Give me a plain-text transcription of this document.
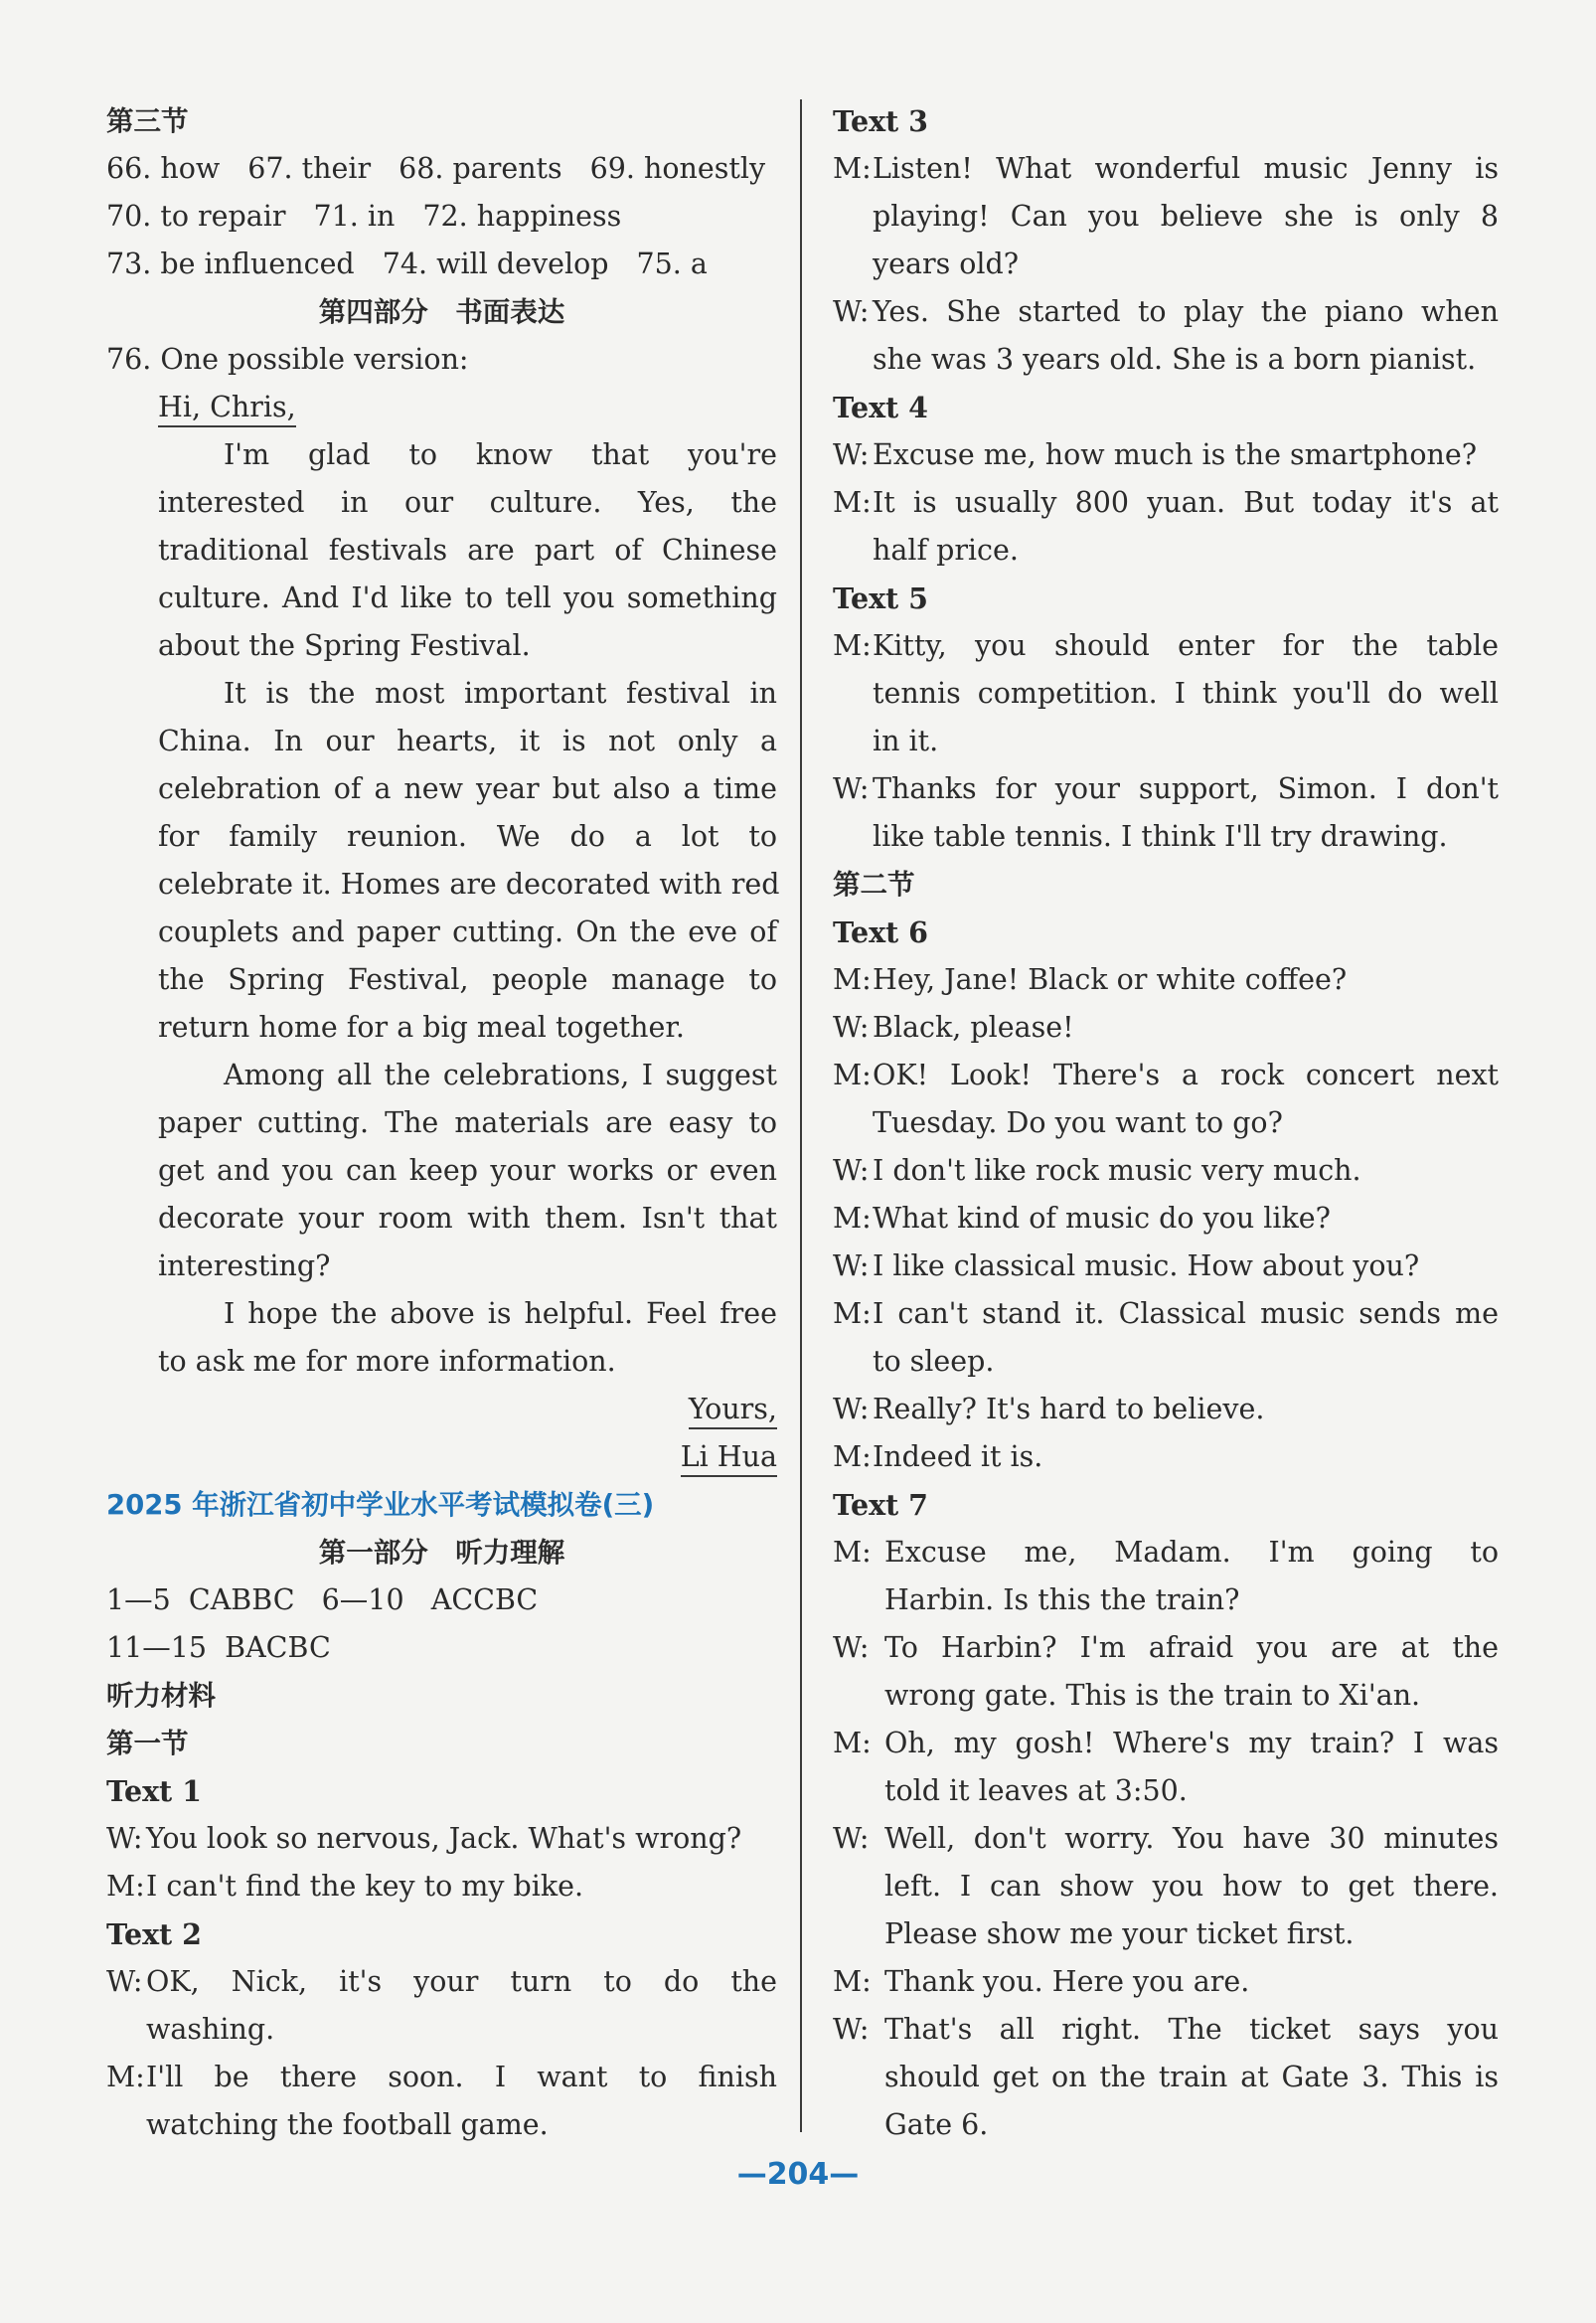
第三节
66. how 67. their 68. parents 69. honestly
70. to repair 71. in 72. happiness
73. be influenced 74. will develop 75. a
第四部分　书面表达
76. One possible version:
Hi, Chris,
I'm glad to know that you're
interested in our culture. Yes, the
traditional festivals are part of Chinese
culture. And I'd like to tell you something
about the Spring Festival.
It is the most important festival in
China. In our hearts, it is not only a
celebration of a new year but also a time
for family reunion. We do a lot to
celebrate it. Homes are decorated with red
couplets and paper cutting. On the eve of
the Spring Festival, people manage to
return home for a big meal together.
Among all the celebrations, I suggest
paper cutting. The materials are easy to
get and you can keep your works or even
decorate your room with them. Isn't that
interesting?
I hope the above is helpful. Feel free
to ask me for more information.
Yours,
Li Hua
2025 年浙江省初中学业水平考试模拟卷(三)
第一部分　听力理解
1—5  CABBC   6—10   ACCBC
11—15  BACBC
听力材料
第一节
Text 1
W: You look so nervous, Jack. What's wrong?
M: I can't find the key to my bike.
Text 2
W: OK, Nick, it's your turn to do the
washing.
M: I'll be there soon. I want to finish
watching the football game.
Text 3
M: Listen! What wonderful music Jenny is
playing! Can you believe she is only 8
years old?
W: Yes. She started to play the piano when
she was 3 years old. She is a born pianist.
Text 4
W: Excuse me, how much is the smartphone?
M: It is usually 800 yuan. But today it's at
half price.
Text 5
M: Kitty, you should enter for the table
tennis competition. I think you'll do well
in it.
W: Thanks for your support, Simon. I don't
like table tennis. I think I'll try drawing.
第二节
Text 6
M: Hey, Jane! Black or white coffee?
W: Black, please!
M: OK! Look! There's a rock concert next
Tuesday. Do you want to go?
W: I don't like rock music very much.
M: What kind of music do you like?
W: I like classical music. How about you?
M: I can't stand it. Classical music sends me
to sleep.
W: Really? It's hard to believe.
M: Indeed it is.
Text 7
M: Excuse me, Madam. I'm going to
Harbin. Is this the train?
W: To Harbin? I'm afraid you are at the
wrong gate. This is the train to Xi'an.
M: Oh, my gosh! Where's my train? I was
told it leaves at 3:50.
W: Well, don't worry. You have 30 minutes
left. I can show you how to get there.
Please show me your ticket first.
M: Thank you. Here you are.
W: That's all right. The ticket says you
should get on the train at Gate 3. This is
Gate 6.
—204—
